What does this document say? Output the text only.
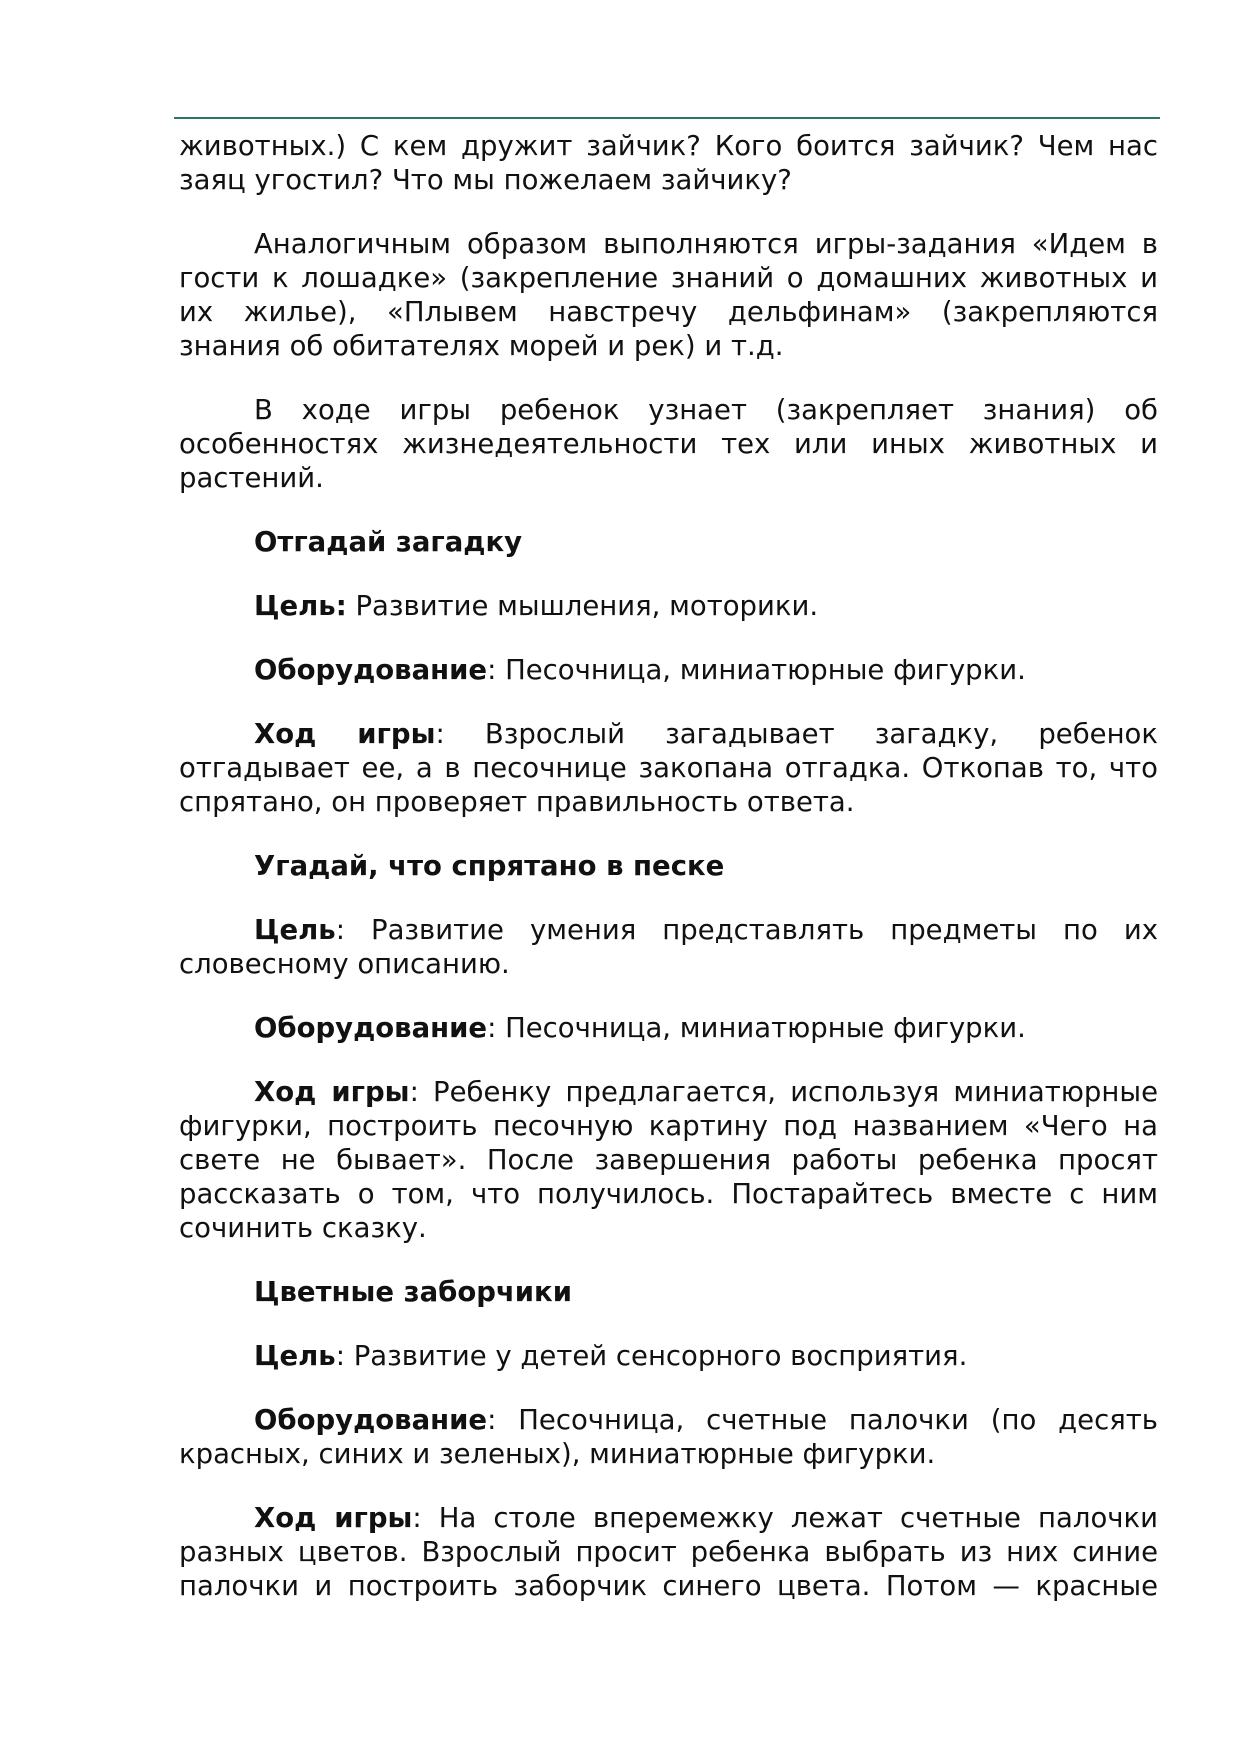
животных.) С кем дружит зайчик? Кого боится зайчик? Чем нас заяц угостил? Что мы пожелаем зайчику?

Аналогичным образом выполняются игры-задания «Идем в гости к лошадке» (закрепление знаний о домашних животных и их жилье), «Плывем навстречу дельфинам» (закрепляются знания об обитателях морей и рек) и т.д.

В ходе игры ребенок узнает (закрепляет знания) об особенностях жизнедеятельности тех или иных животных и растений.

Отгадай загадку

Цель: Развитие мышления, моторики.

Оборудование: Песочница, миниатюрные фигурки.

Ход игры: Взрослый загадывает загадку, ребенок отгадывает ее, а в песочнице закопана отгадка. Откопав то, что спрятано, он проверяет правильность ответа.

Угадай, что спрятано в песке

Цель: Развитие умения представлять предметы по их словесному описанию.

Оборудование: Песочница, миниатюрные фигурки.

Ход игры: Ребенку предлагается, используя миниатюрные фигурки, построить песочную картину под названием «Чего на свете не бывает». После завершения работы ребенка просят рассказать о том, что получилось. Постарайтесь вместе с ним сочинить сказку.

Цветные заборчики

Цель: Развитие у детей сенсорного восприятия.

Оборудование: Песочница, счетные палочки (по десять красных, синих и зеленых), миниатюрные фигурки.

Ход игры: На столе вперемежку лежат счетные палочки разных цветов. Взрослый просит ребенка выбрать из них синие палочки и построить заборчик синего цвета. Потом — красные
